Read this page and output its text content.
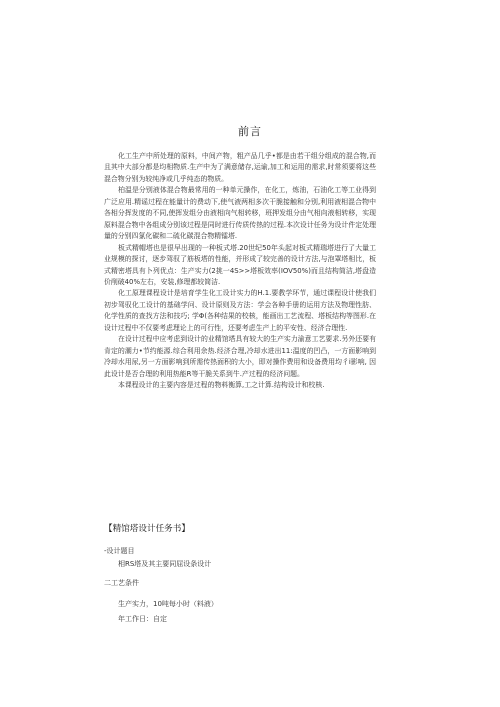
前言

化工生产中所处理的原料，中间产物，粗产品几乎•都是由若干组分组成的混合物,而且其中大部分都是均相物质.生产中为了满意储存,运谕,加工和运用的需求,时常须要将这些混合物分别为较纯净或几乎纯态的物质。

柏温是分别液体混合物最常用的一种单元操作，在化工，炼油，石油化工等工业得到广泛应用.精谣过程在能量计的费动下,使气液两相多次干脆接触和分别,利用液相混合物中各相分挥发度的不同,使挥发组分由液相向气相转移，班押发组分由气相向液相转移，实现原料混合物中各组成分别该过程是同时进行传质传热的过程.本次设计任务为设计件定处理量的分别四氯化碳和二硫化碳混合物精镭塔.

板式精帽塔也是很早出现的一种板式塔.20世纪50年头起对板式精瑞塔进行了大量工业规模的探讨，逐步驾驭了筋板塔的性能，并形成了较完善的设计方法,与泡罩塔相比，板式精密塔具有卜列优点：生产实力(2挑一4S>>塔板效率(IOV50%)而且结构简洁,塔盘造价削破40%左右，安装,修理都较简洁.

化工原理课程设计是培育学生化工设计实力的H.1.要教学环节，通过课程设计使我们初步驾驭化工设计的基础学问、设计原则及方法：学会各种手册的运用方法及物理性肪、化学性质的查找方法和技巧; 学Φ(各种结果的校核，能画出工艺流程、塔板结构等图形.在设计过程中不仅要考虑理论上的可行性，还要考虑生产上的平安性、经济合理性.

在设计过程中应考虑到设计的业精馆塔具有较大的生产实力渝意工艺要求.另外还要有肯定的潮力•节约能源.综合利用余热.经济合理,冷却水进出11:温度的凹凸，一方面影响到冷却水用尿,另一方面影响到所需传热面积的大小，即对操作费用和设备费用均彳i影响, 因此设计是否合理的利用热能R等干脆关系到牛.产过程的经济问题。

本课程设计的主要内容是过程的物料衡算,工之计算.结构设计和校核.

【精馆塔设计任务书】
-设计题目
相RS塔及其主要同屈设条设计
二工艺条件
生产实力，10吨每小时（料液）
年工作日：自定
